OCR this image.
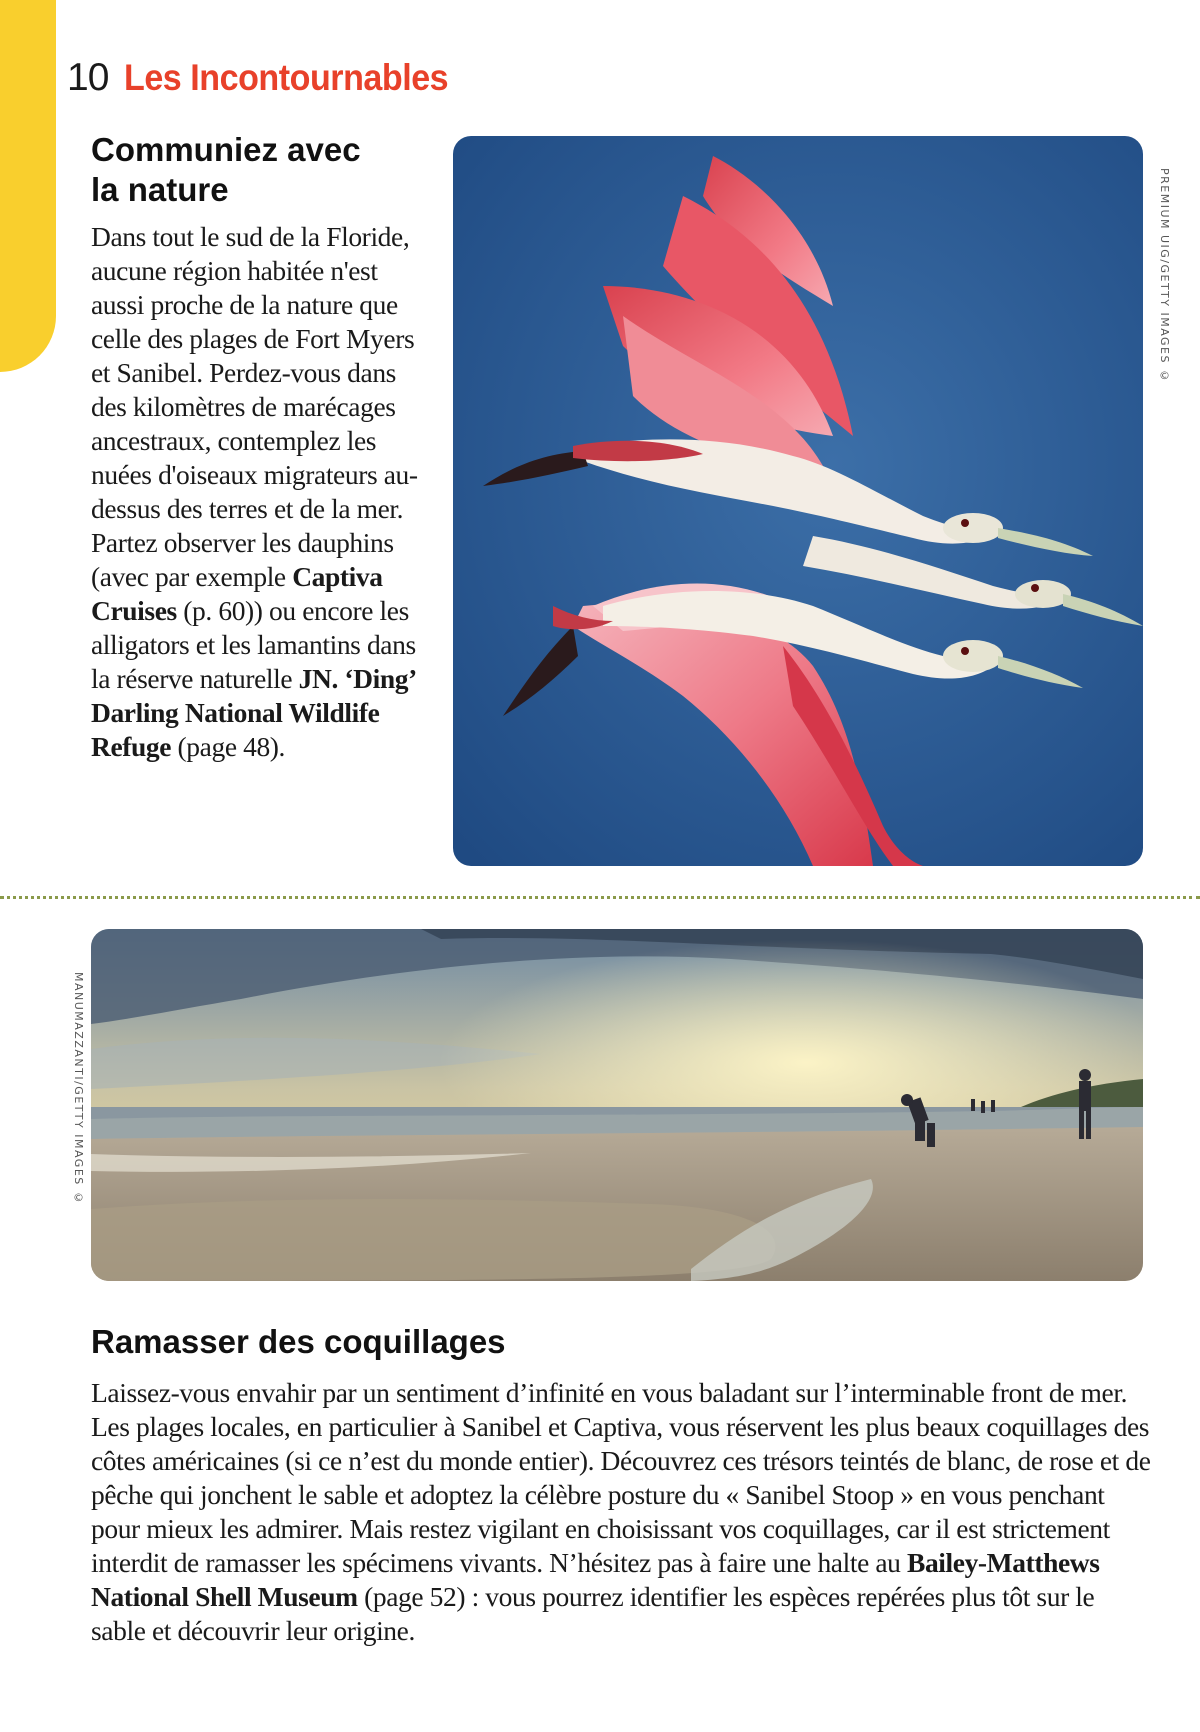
10 Les Incontournables
Communiez avec la nature

Dans tout le sud de la Floride, aucune région habitée n'est aussi proche de la nature que celle des plages de Fort Myers et Sanibel. Perdez-vous dans des kilomètres de marécages ancestraux, contemplez les nuées d'oiseaux migrateurs au-dessus des terres et de la mer. Partez observer les dauphins (avec par exemple Captiva Cruises (p. 60)) ou encore les alligators et les lamantins dans la réserve naturelle JN. ‘Ding’ Darling National Wildlife Refuge (page 48).

PREMIUM UIG/GETTY IMAGES ©
MANUMAZZANTI/GETTY IMAGES ©
Ramasser des coquillages

Laissez-vous envahir par un sentiment d’infinité en vous baladant sur l’interminable front de mer. Les plages locales, en particulier à Sanibel et Captiva, vous réservent les plus beaux coquillages des côtes américaines (si ce n’est du monde entier). Découvrez ces trésors teintés de blanc, de rose et de pêche qui jonchent le sable et adoptez la célèbre posture du « Sanibel Stoop » en vous penchant pour mieux les admirer. Mais restez vigilant en choisissant vos coquillages, car il est strictement interdit de ramasser les spécimens vivants. N’hésitez pas à faire une halte au Bailey-Matthews National Shell Museum (page 52) : vous pourrez identifier les espèces repérées plus tôt sur le sable et découvrir leur origine.
